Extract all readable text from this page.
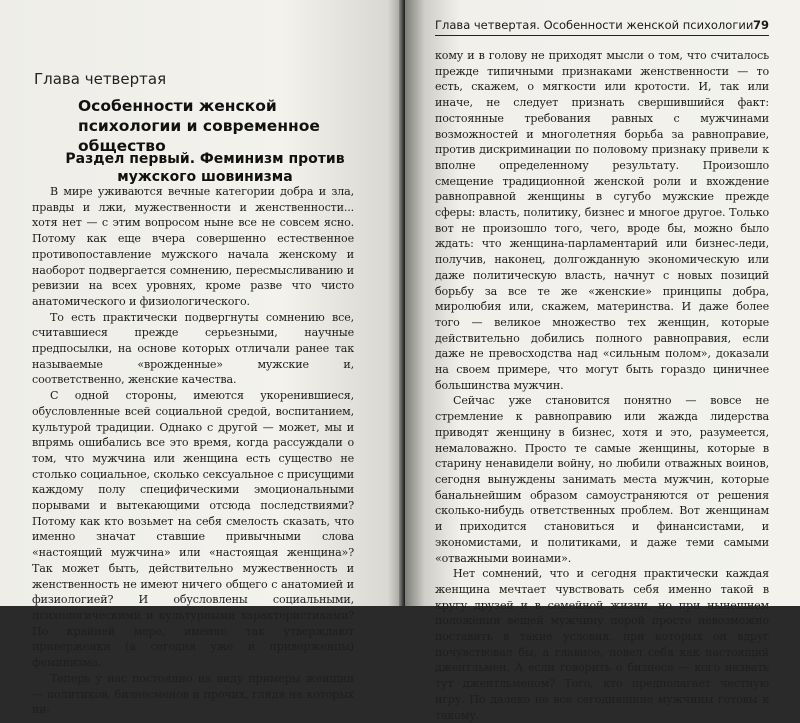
Глава четвертая
Особенности женской психологии и современное общество
Раздел первый. Феминизм против мужского шовинизма

В мире уживаются вечные категории добра и зла, правды и лжи, мужественности и женственности... хотя нет — с этим вопросом ныне все не совсем ясно. Потому как еще вчера совершенно естественное противопоставление мужского начала женскому и наоборот подвергается сомнению, пересмысливанию и ревизии на всех уровнях, кроме разве что чисто анатомического и физиологического.

То есть практически подвергнуты сомнению все, считавшиеся прежде серьезными, научные предпосылки, на основе которых отличали ранее так называемые «врожденные» мужские и, соответственно, женские качества.

С одной стороны, имеются укоренившиеся, обусловленные всей социальной средой, воспитанием, культурой традиции. Однако с другой — может, мы и впрямь ошибались все это время, когда рассуждали о том, что мужчина или женщина есть существо не столько социальное, сколько сексуальное с присущими каждому полу специфическими эмоциональными порывами и вытекающими отсюда последствиями? Потому как кто возьмет на себя смелость сказать, что именно значат ставшие привычными слова «настоящий мужчина» или «настоящая женщина»? Так может быть, действительно мужественность и женственность не имеют ничего общего с анатомией и физиологией? И обусловлены социальными, психологическими и культурными характеристиками? По крайней мере, именно так утверждают приверженки (а сегодня уже и приверженцы) феминизма.

Теперь у нас постоянно на виду примеры женщин — политиков, бизнесменов и прочих, глядя на которых ни-

Глава четвертая. Особенности женской психологии 79

кому и в голову не приходят мысли о том, что считалось прежде типичными признаками женственности — то есть, скажем, о мягкости или кротости. И, так или иначе, не следует признать свершившийся факт: постоянные требования равных с мужчинами возможностей и многолетняя борьба за равноправие, против дискриминации по половому признаку привели к вполне определенному результату. Произошло смещение традиционной женской роли и вхождение равноправной женщины в сугубо мужские прежде сферы: власть, политику, бизнес и многое другое. Только вот не произошло того, чего, вроде бы, можно было ждать: что женщина-парламентарий или бизнес-леди, получив, наконец, долгожданную экономическую или даже политическую власть, начнут с новых позиций борьбу за все те же «женские» принципы добра, миролюбия или, скажем, материнства. И даже более того — великое множество тех женщин, которые действительно добились полного равноправия, если даже не превосходства над «сильным полом», доказали на своем примере, что могут быть гораздо циничнее большинства мужчин.

Сейчас уже становится понятно — вовсе не стремление к равноправию или жажда лидерства приводят женщину в бизнес, хотя и это, разумеется, немаловажно. Просто те самые женщины, которые в старину ненавидели войну, но любили отважных воинов, сегодня вынуждены занимать места мужчин, которые банальнейшим образом самоустраняются от решения сколько-нибудь ответственных проблем. Вот женщинам и приходится становиться и финансистами, и экономистами, и политиками, и даже теми самыми «отважными воинами».

Нет сомнений, что и сегодня практически каждая женщина мечтает чувствовать себя именно такой в кругу друзей и в семейной жизни, но при нынешнем положении вещей мужчину порой просто невозможно поставить в такие условия, при которых он вдруг почувствовал бы, а главное, повел себя как настоящий джентльмен. А если говорить о бизнесе — кого назвать тут джентльменом? Того, кто предполагает честную игру. По далеко не все сегодняшние мужчины готовы к такому.
